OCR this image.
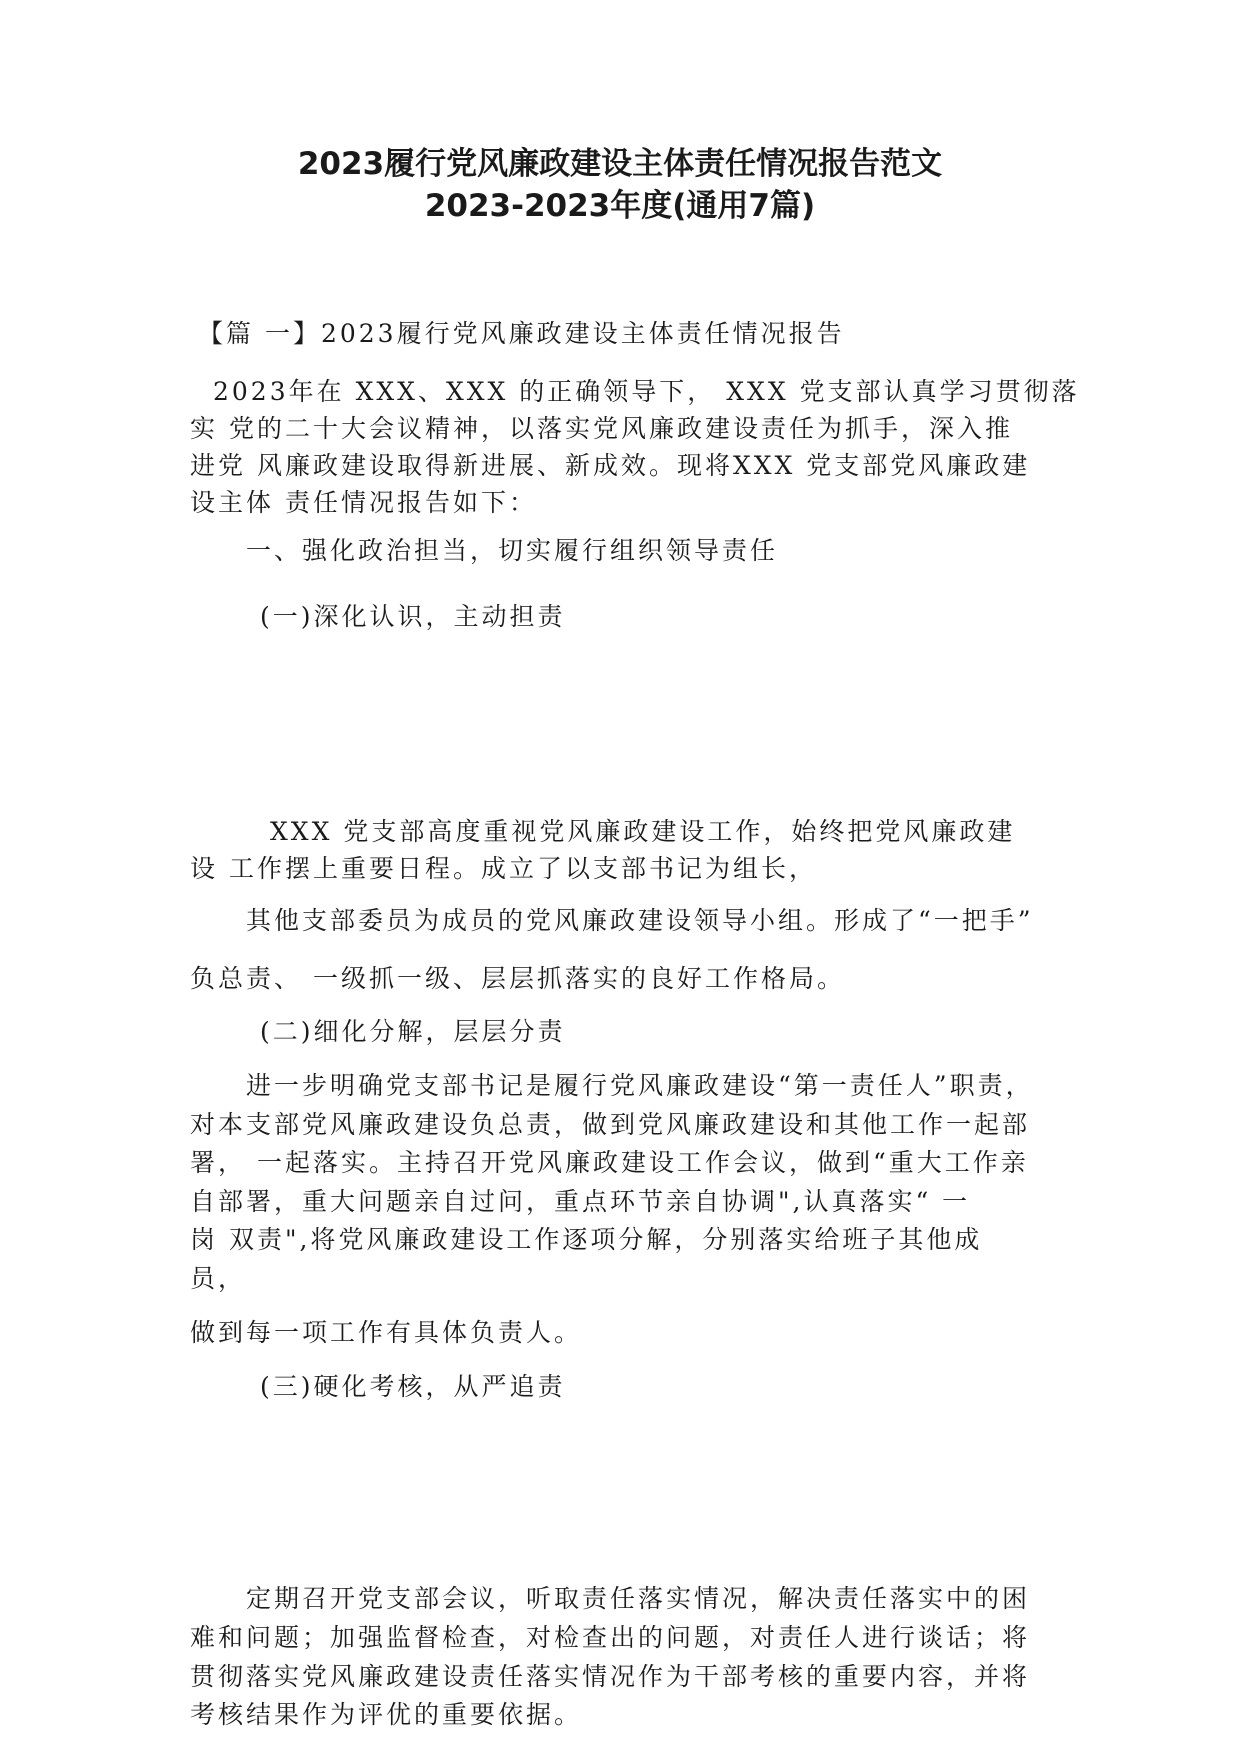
2023履行党风廉政建设主体责任情况报告范文
2023-2023年度(通用7篇)

【篇 一】2023履行党风廉政建设主体责任情况报告

2023年在 XXX、XXX 的正确领导下， XXX 党支部认真学习贯彻落

实 党的二十大会议精神，以落实党风廉政建设责任为抓手，深入推

进党 风廉政建设取得新进展、新成效。现将XXX 党支部党风廉政建

设主体 责任情况报告如下：

一、强化政治担当，切实履行组织领导责任

(一)深化认识，主动担责

XXX 党支部高度重视党风廉政建设工作，始终把党风廉政建

设 工作摆上重要日程。成立了以支部书记为组长，

其他支部委员为成员的党风廉政建设领导小组。形成了“一把手”

负总责、 一级抓一级、层层抓落实的良好工作格局。

(二)细化分解，层层分责

进一步明确党支部书记是履行党风廉政建设“第一责任人”职责，

对本支部党风廉政建设负总责，做到党风廉政建设和其他工作一起部

署， 一起落实。主持召开党风廉政建设工作会议，做到“重大工作亲

自部署，重大问题亲自过问，重点环节亲自协调",认真落实“ 一

岗 双责",将党风廉政建设工作逐项分解，分别落实给班子其他成

员，

做到每一项工作有具体负责人。

(三)硬化考核，从严追责

定期召开党支部会议，听取责任落实情况，解决责任落实中的困

难和问题；加强监督检查，对检查出的问题，对责任人进行谈话；将

贯彻落实党风廉政建设责任落实情况作为干部考核的重要内容，并将

考核结果作为评优的重要依据。
